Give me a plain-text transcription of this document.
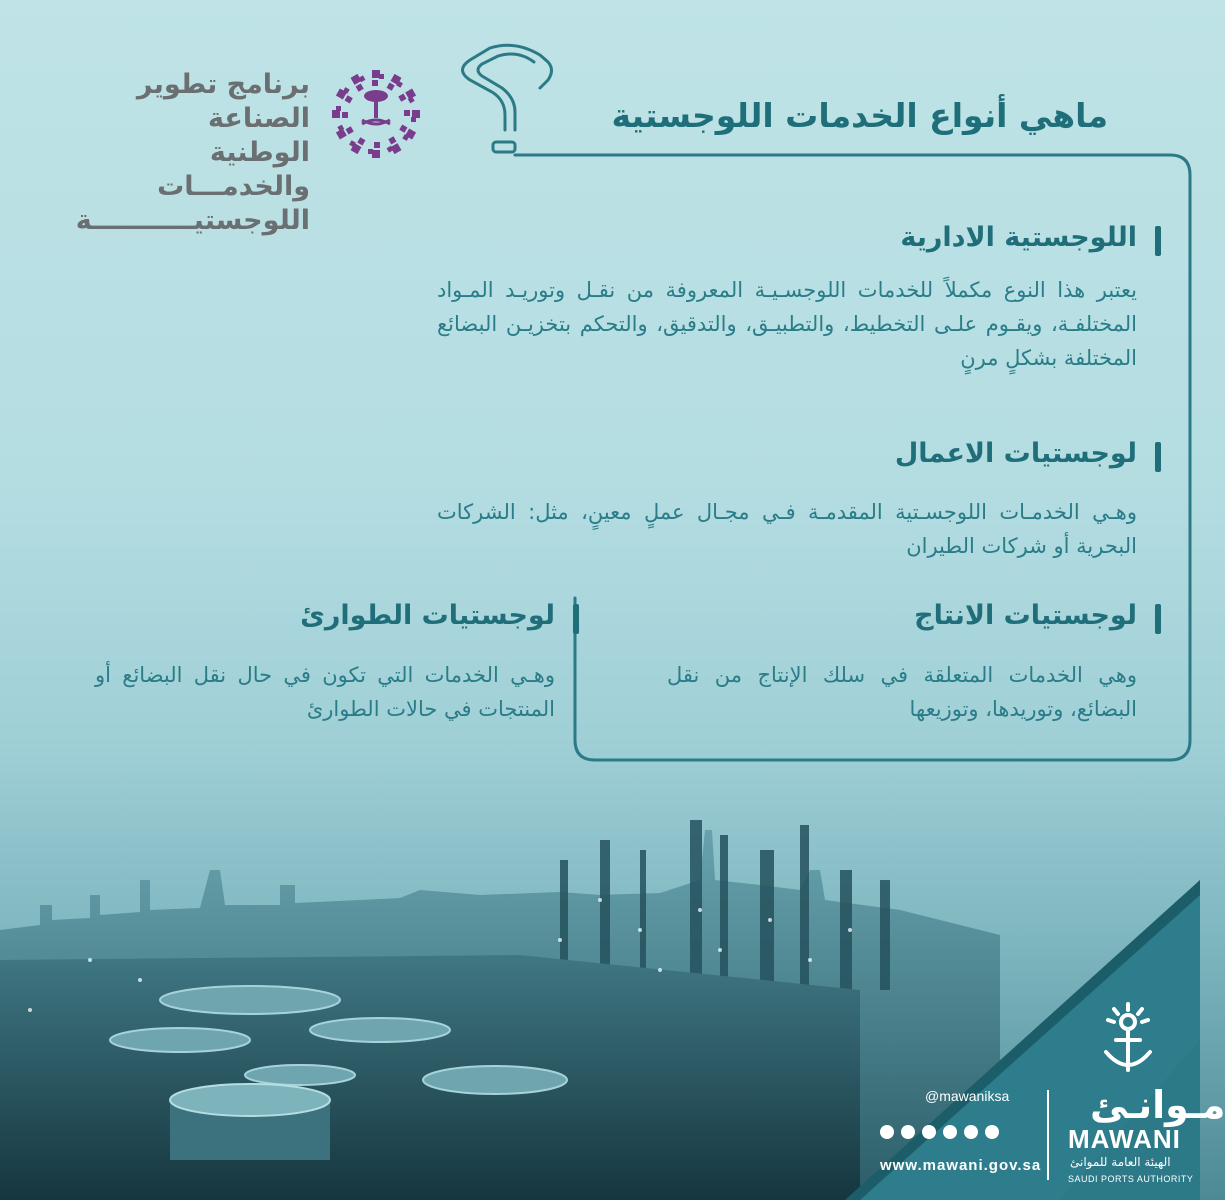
برنامج تطوير الصناعة
الوطنية والخدمـــات
اللوجستيـــــــــــة
ماهي أنواع الخدمات اللوجستية
اللوجستية الادارية
يعتبر هذا النوع مكملاً للخدمات اللوجسـيـة المعروفة من نقـل وتوريـد المـواد المختلفـة، ويقـوم علـى التخطيط، والتطبيـق، والتدقيق، والتحكم بتخزيـن البضائع المختلفة بشكلٍ مرنٍ
لوجستيات الاعمال
وهـي الخدمـات اللوجسـتية المقدمـة فـي مجـال عملٍ معينٍ، مثل: الشركات البحرية أو شركات الطيران
لوجستيات الانتاج
وهي الخدمات المتعلقة في سلك الإنتاج من نقل البضائع، وتوريدها، وتوزيعها
لوجستيات الطوارئ
وهـي الخدمات التي تكون في حال نقل البضائع أو المنتجات في حالات الطوارئ
@mawaniksa
www.mawani.gov.sa
مـوانـئ
MAWANI
الهيئة العامة للموانئ
SAUDI PORTS AUTHORITY
